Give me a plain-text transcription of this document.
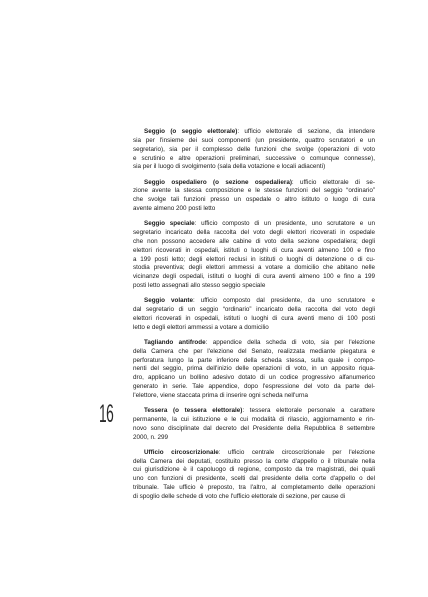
Seggio (o seggio elettorale): ufficio elettorale di sezione, da intendere
sia per l'insieme dei suoi componenti (un presidente, quattro scrutatori e un
segretario), sia per il complesso delle funzioni che svolge (operazioni di voto
e scrutinio e altre operazioni preliminari, successive o comunque connesse),
sia per il luogo di svolgimento (sala della votazione e locali adiacenti)
Seggio ospedaliero (o sezione ospedaliera): ufficio elettorale di se-
zione avente la stessa composizione e le stesse funzioni del seggio “ordinario”
che svolge tali funzioni presso un ospedale o altro istituto o luogo di cura
avente almeno 200 posti letto
Seggio speciale: ufficio composto di un presidente, uno scrutatore e un
segretario incaricato della raccolta del voto degli elettori ricoverati in ospedale
che non possono accedere alle cabine di voto della sezione ospedaliera; degli
elettori ricoverati in ospedali, istituti o luoghi di cura aventi almeno 100 e fino
a 199 posti letto; degli elettori reclusi in istituti o luoghi di detenzione o di cu-
stodia preventiva; degli elettori ammessi a votare a domicilio che abitano nelle
vicinanze degli ospedali, istituti o luoghi di cura aventi almeno 100 e fino a 199
posti letto assegnati allo stesso seggio speciale
Seggio volante: ufficio composto dal presidente, da uno scrutatore e
dal segretario di un seggio “ordinario” incaricato della raccolta del voto degli
elettori ricoverati in ospedali, istituti o luoghi di cura aventi meno di 100 posti
letto e degli elettori ammessi a votare a domicilio
Tagliando antifrode: appendice della scheda di voto, sia per l'elezione
della Camera che per l'elezione del Senato, realizzata mediante piegatura e
perforatura lungo la parte inferiore della scheda stessa, sulla quale i compo-
nenti del seggio, prima dell'inizio delle operazioni di voto, in un apposito riqua-
dro, applicano un bollino adesivo dotato di un codice progressivo alfanumerico
generato in serie. Tale appendice, dopo l'espressione del voto da parte del-
l'elettore, viene staccata prima di inserire ogni scheda nell'urna
Tessera (o tessera elettorale): tessera elettorale personale a carattere
permanente, la cui istituzione e le cui modalità di rilascio, aggiornamento e rin-
novo sono disciplinate dal decreto del Presidente della Repubblica 8 settembre
2000, n. 299
Ufficio circoscrizionale: ufficio centrale circoscrizionale per l'elezione
della Camera dei deputati, costituito presso la corte d'appello o il tribunale nella
cui giurisdizione è il capoluogo di regione, composto da tre magistrati, dei quali
uno con funzioni di presidente, scelti dal presidente della corte d'appello o del
tribunale. Tale ufficio è preposto, tra l'altro, al completamento delle operazioni
di spoglio delle schede di voto che l'ufficio elettorale di sezione, per cause di
16
